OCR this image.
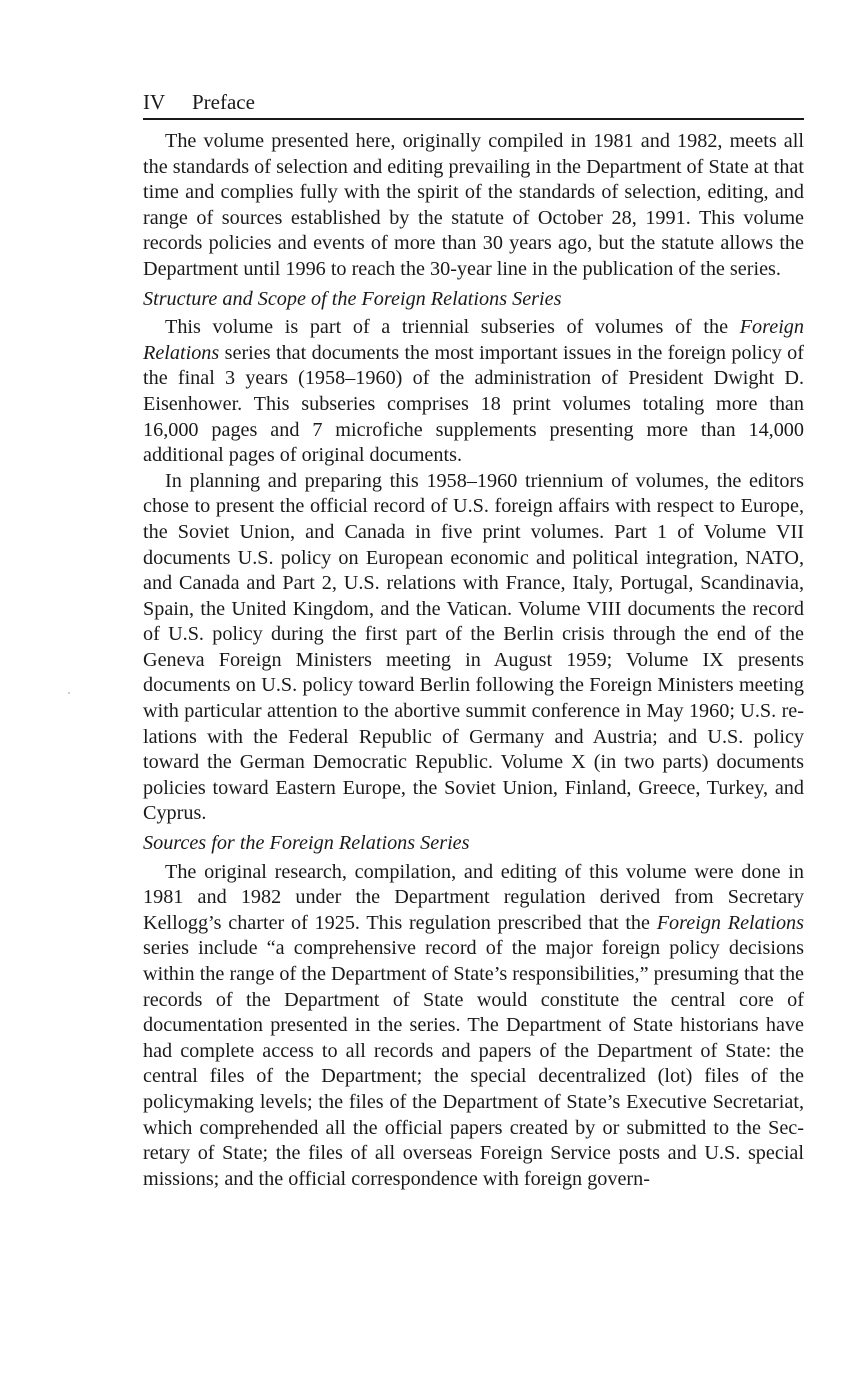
IV	Preface

The volume presented here, originally compiled in 1981 and 1982, meets all the standards of selection and editing prevailing in the Department of State at that time and complies fully with the spirit of the standards of selection, editing, and range of sources established by the statute of October 28, 1991. This volume records policies and events of more than 30 years ago, but the statute allows the Department until 1996 to reach the 30-year line in the publication of the series.

Structure and Scope of the Foreign Relations Series

This volume is part of a triennial subseries of volumes of the Foreign Relations series that documents the most important issues in the foreign policy of the final 3 years (1958–1960) of the administration of President Dwight D. Eisenhower. This subseries comprises 18 print volumes totaling more than 16,000 pages and 7 microfiche supplements presenting more than 14,000 additional pages of original documents.

In planning and preparing this 1958–1960 triennium of volumes, the editors chose to present the official record of U.S. foreign affairs with respect to Europe, the Soviet Union, and Canada in five print volumes. Part 1 of Volume VII documents U.S. policy on European economic and political integration, NATO, and Canada and Part 2, U.S. relations with France, Italy, Portugal, Scandinavia, Spain, the United Kingdom, and the Vatican. Volume VIII documents the record of U.S. policy during the first part of the Berlin crisis through the end of the Geneva Foreign Ministers meeting in August 1959; Volume IX presents documents on U.S. policy toward Berlin following the Foreign Ministers meeting with particular attention to the abortive summit conference in May 1960; U.S. relations with the Federal Republic of Germany and Austria; and U.S. policy toward the German Democratic Republic. Volume X (in two parts) documents policies toward Eastern Europe, the Soviet Union, Finland, Greece, Turkey, and Cyprus.

Sources for the Foreign Relations Series

The original research, compilation, and editing of this volume were done in 1981 and 1982 under the Department regulation derived from Secretary Kellogg’s charter of 1925. This regulation prescribed that the Foreign Relations series include “a comprehensive record of the major foreign policy decisions within the range of the Department of State’s responsibilities,” presuming that the records of the Department of State would constitute the central core of documentation presented in the series. The Department of State historians have had complete access to all records and papers of the Department of State: the central files of the Department; the special decentralized (lot) files of the policymaking levels; the files of the Department of State’s Executive Secretariat, which comprehended all the official papers created by or submitted to the Secretary of State; the files of all overseas Foreign Service posts and U.S. special missions; and the official correspondence with foreign govern-
